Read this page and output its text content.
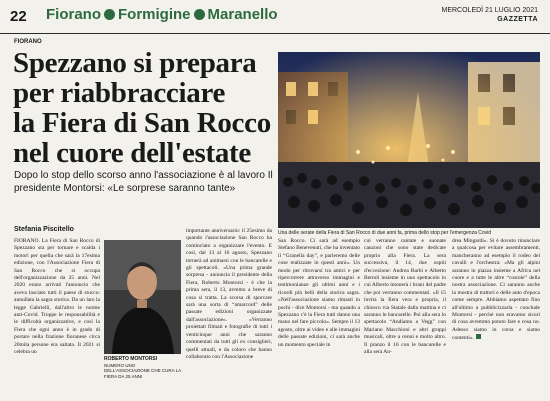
22 Fiorano Formigine Maranello	MERCOLEDÌ 21 LUGLIO 2021
GAZZETTA
FIORANO
Spezzano si prepara
per riabbracciare
la Fiera di San Rocco
nel cuore dell'estate
Dopo lo stop dello scorso anno l'associazione è al lavoro Il presidente Montorsi: «Le sorprese saranno tante»
Una delle serate della Fiera di San Rocco di due anni fa, prima dello stop per l'emergenza Covid
Stefania Piscitello

FIORANO. La Fiera di San Rocco di Spezzano sta per tornare e scalda i motori per quella che sarà la 17esima edizione, con l'Associazione Fiera di San Rocco che si occupa dell'organizzazione da 25 anni. Nel 2020 erano arrivati l'annuncio che aveva lasciato tutti il paese di stucco: annullata la sagra storica. Da un lato la legge Gabrielli, dall'altro le norme anti-Covid. Troppe le responsabilità e le difficoltà organizzative, e così la Fiera che ogni anno è in grado di portare nella frazione fioranese circa 20mila persone era saltata. Il 2021 si celebra un

ROBERTO MONTORSI
NUMERO UNO DELL'ASSOCIAZIONE CHE CURA LA FIERA DA 25 ANNI

importante anniversario: il 25esimo da quando l'associazione San Rocco ha cominciato a organizzare l'evento. E così, dal 13 al 16 agosto, Spezzano tornerà ad animarsi con le bancarelle e gli spettacoli. «Una prima grande sorpresa - annuncia il presidente della Fiera, Roberto Montorsi - è che la prima sera, il 13, avremo a breve di cosa si tratta. La scorsa di sporcare sarà una sorta di “amarcord” delle passate edizioni organizzate dall'associazione». «Verranno proiettati filmati e fotografie di tutti i venticinque anni che saranno commentati da tutti gli ex consiglieri, quelli attuali, e da coloro che hanno collaborato con l'Associazione

San Rocco. Ci sarà ad esempio Stefano Benevenuti, che ha inventato il “Granella day”, e parleremo delle cose realizzate in questi anni». Un modo per ritrovarsi tra amici e per ripercorrere attraverso immagini e testimonianze gli ultimi anni e i ricordi più belli della storica sagra. «Nell'associazione siamo rimasti in pochi - dice Montorsi - ma quando a Spezzano c'è la Fiera tutti danno una mano nel fare piccolo». Sempre il 13 agosto, oltre ai video e alle immagini delle passate edizioni, ci sarà anche un momento speciale in

cui verranno cantate e suonate canzoni che sono state dedicate proprio alla Fiera. La sera successiva, il 14, due ospiti d'eccezione: Andrea Barbi e Alberto Bertoli insieme in uno spettacolo in cui Alberto intonerà i brani del padre che poi verranno commentati. «Il 15 invita la fiera vera e propria, il chiosco via Statale dalla mattina e ci saranno le bancarelle. Poi alla sera lo spettacolo “Andiamo a Vegg” con Mariano Macchioni e altri gruppi musicali, oltre a cenni e molto altro. Il pranzo il 16 con le bancarelle e alla sera An-

drea Mingardi». Si è dovuto rinunciare a qualcosa per evitare assembramenti, mancheranno ad esempio il rodeo del cavalli e l'orchestra: «Ma gli alpini saranno in piazza insieme a Africa nel cuore e a tutte le altre “costole” della nostra associazione. Ci saranno anche la mostra di trattori e delle auto d'epoca come sempre. Abbiamo aspettato fino all'ultimo a pubblicizzarla - conclude Montorsi - perché non eravamo sicuri di cosa avremmo potuto fare e cosa no. Adesso siamo in corsa e siamo contenti».
